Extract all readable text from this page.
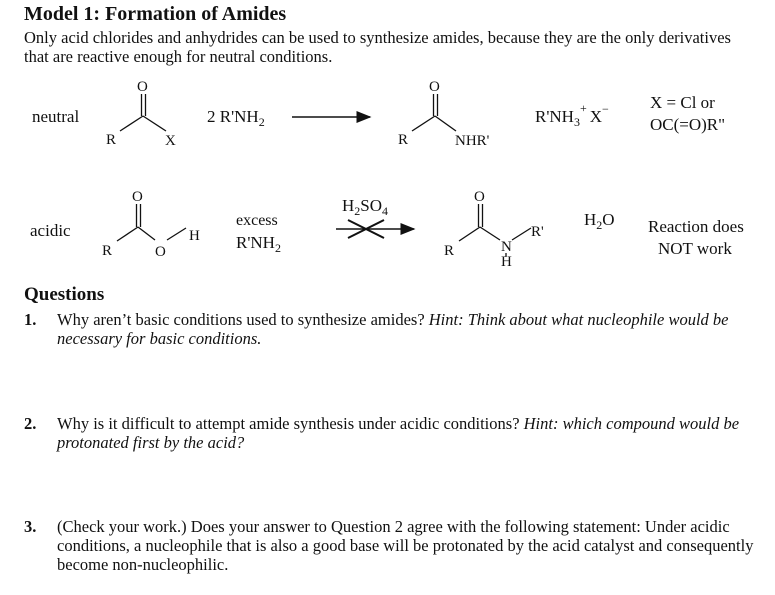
Model 1: Formation of Amides
Only acid chlorides and anhydrides can be used to synthesize amides, because they are the only derivatives that are reactive enough for neutral conditions.
neutral
O
R	X
2 $R'NH_2$
O
R	NHR'
$R'NH_3^+$ X− X = Cl or
OC(=O)R"
acidic
O
R	O
H
excess
$R'NH_2$
$H_2SO_4$
O
R	N
H
R'
$H_2O$ Reaction does
NOT work
Questions
1. Why aren’t basic conditions used to synthesize amides? Hint: Think about what nucleophile would be necessary for basic conditions.
2. Why is it difficult to attempt amide synthesis under acidic conditions? Hint: which compound would be protonated first by the acid?
3. (Check your work.) Does your answer to Question 2 agree with the following statement: Under acidic conditions, a nucleophile that is also a good base will be protonated by the acid catalyst and consequently become non-nucleophilic.
